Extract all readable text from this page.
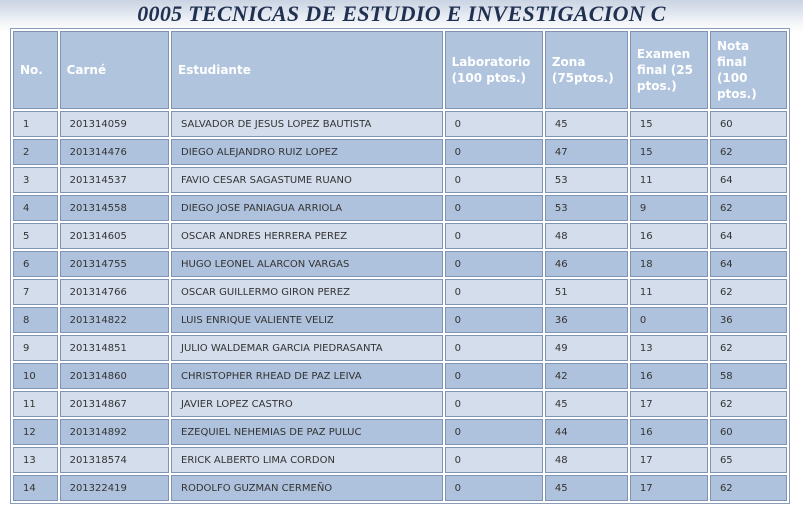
0005 TECNICAS DE ESTUDIO E INVESTIGACION C
No.	Carné	Estudiante	Laboratorio (100 ptos.)	Zona (75ptos.)	Examen final (25 ptos.)	Nota final (100 ptos.)
1	201314059	SALVADOR DE JESUS LOPEZ BAUTISTA	0	45	15	60
2	201314476	DIEGO ALEJANDRO RUIZ LOPEZ	0	47	15	62
3	201314537	FAVIO CESAR SAGASTUME RUANO	0	53	11	64
4	201314558	DIEGO JOSE PANIAGUA ARRIOLA	0	53	9	62
5	201314605	OSCAR ANDRES HERRERA PEREZ	0	48	16	64
6	201314755	HUGO LEONEL ALARCON VARGAS	0	46	18	64
7	201314766	OSCAR GUILLERMO GIRON PEREZ	0	51	11	62
8	201314822	LUIS ENRIQUE VALIENTE VELIZ	0	36	0	36
9	201314851	JULIO WALDEMAR GARCIA PIEDRASANTA	0	49	13	62
10	201314860	CHRISTOPHER RHEAD DE PAZ LEIVA	0	42	16	58
11	201314867	JAVIER LOPEZ CASTRO	0	45	17	62
12	201314892	EZEQUIEL NEHEMIAS DE PAZ PULUC	0	44	16	60
13	201318574	ERICK ALBERTO LIMA CORDON	0	48	17	65
14	201322419	RODOLFO GUZMAN CERMEÑO	0	45	17	62
